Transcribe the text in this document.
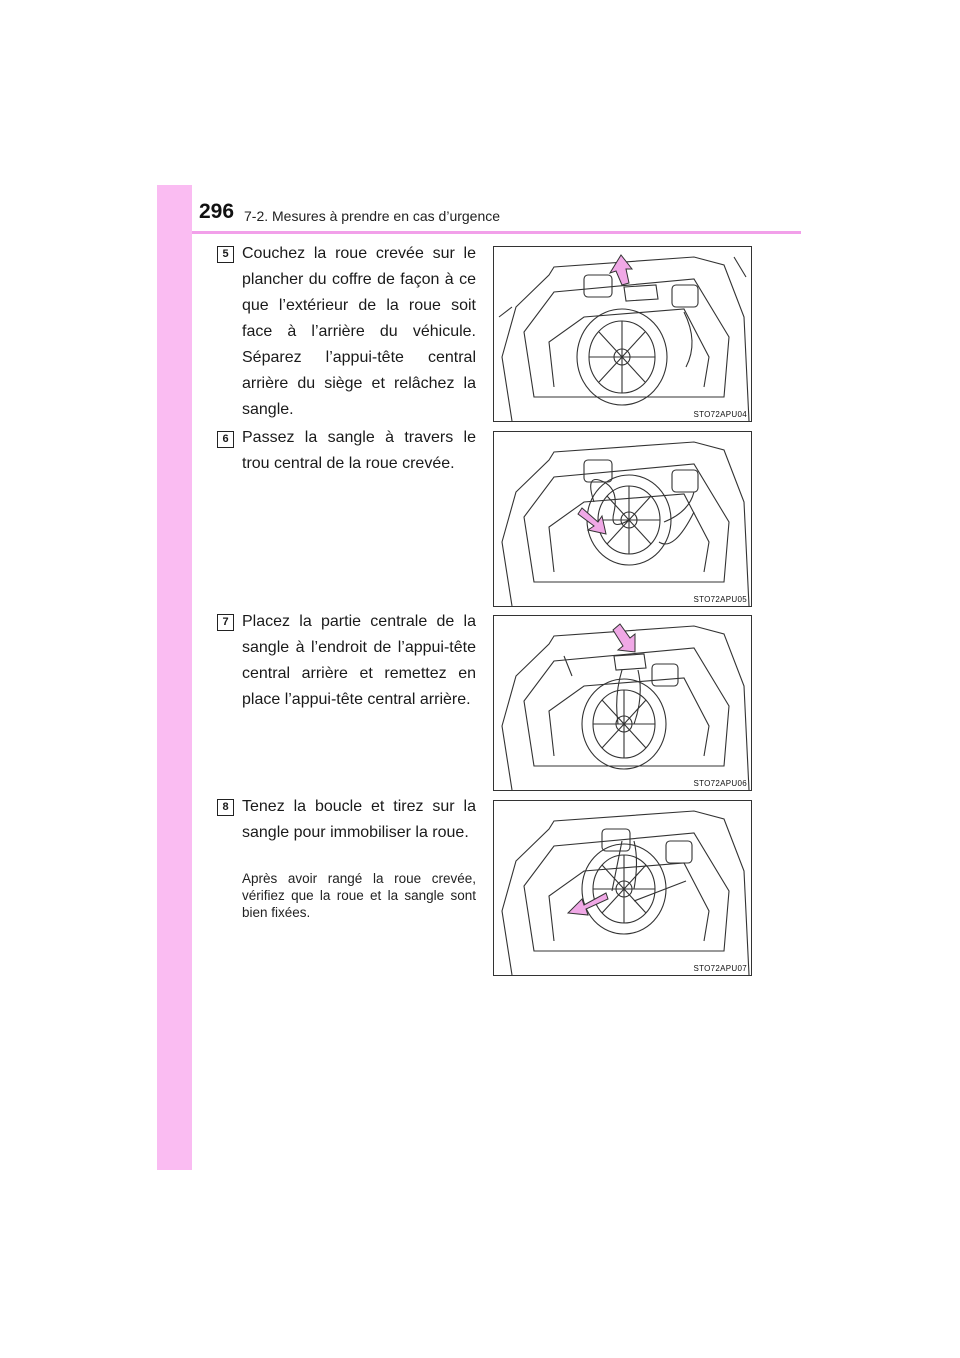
296 7-2. Mesures à prendre en cas d’urgence
5 Couchez la roue crevée sur le plancher du coffre de façon à ce que l’extérieur de la roue soit face à l’arrière du véhicule. Séparez l’appui-tête central arrière du siège et relâchez la sangle.	STO72APU04
6 Passez la sangle à travers le trou central de la roue crevée.
STO72APU05
7 Placez la partie centrale de la sangle à l’endroit de l’appui-tête central arrière et remettez en place l’appui-tête central arrière.
STO72APU06
8 Tenez la boucle et tirez sur la sangle pour immobiliser la roue.
Après avoir rangé la roue crevée, vérifiez que la roue et la sangle sont bien fixées.
STO72APU07
